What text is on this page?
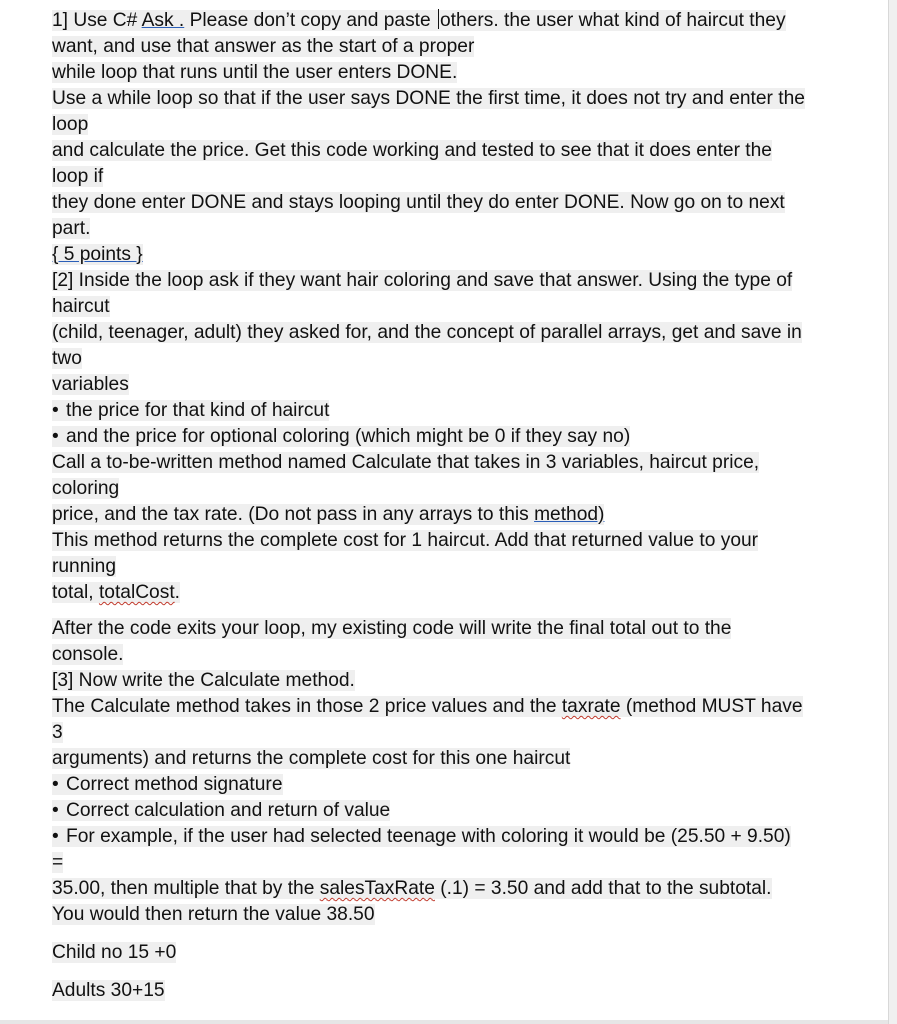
1] Use C# Ask . Please don’t copy and paste others. the user what kind of haircut they
want, and use that answer as the start of a proper
while loop that runs until the user enters DONE.
Use a while loop so that if the user says DONE the first time, it does not try and enter the
loop
and calculate the price. Get this code working and tested to see that it does enter the
loop if
they done enter DONE and stays looping until they do enter DONE. Now go on to next
part.
{ 5 points }
[2] Inside the loop ask if they want hair coloring and save that answer. Using the type of
haircut
(child, teenager, adult) they asked for, and the concept of parallel arrays, get and save in
two
variables
• the price for that kind of haircut
• and the price for optional coloring (which might be 0 if they say no)
Call a to-be-written method named Calculate that takes in 3 variables, haircut price,
coloring
price, and the tax rate. (Do not pass in any arrays to this method)
This method returns the complete cost for 1 haircut. Add that returned value to your
running
total, totalCost.
After the code exits your loop, my existing code will write the final total out to the
console.
[3] Now write the Calculate method.
The Calculate method takes in those 2 price values and the taxrate (method MUST have
3
arguments) and returns the complete cost for this one haircut
• Correct method signature
• Correct calculation and return of value
• For example, if the user had selected teenage with coloring it would be (25.50 + 9.50)
=
35.00, then multiple that by the salesTaxRate (.1) = 3.50 and add that to the subtotal.
You would then return the value 38.50
Child no 15 +0
Adults 30+15
